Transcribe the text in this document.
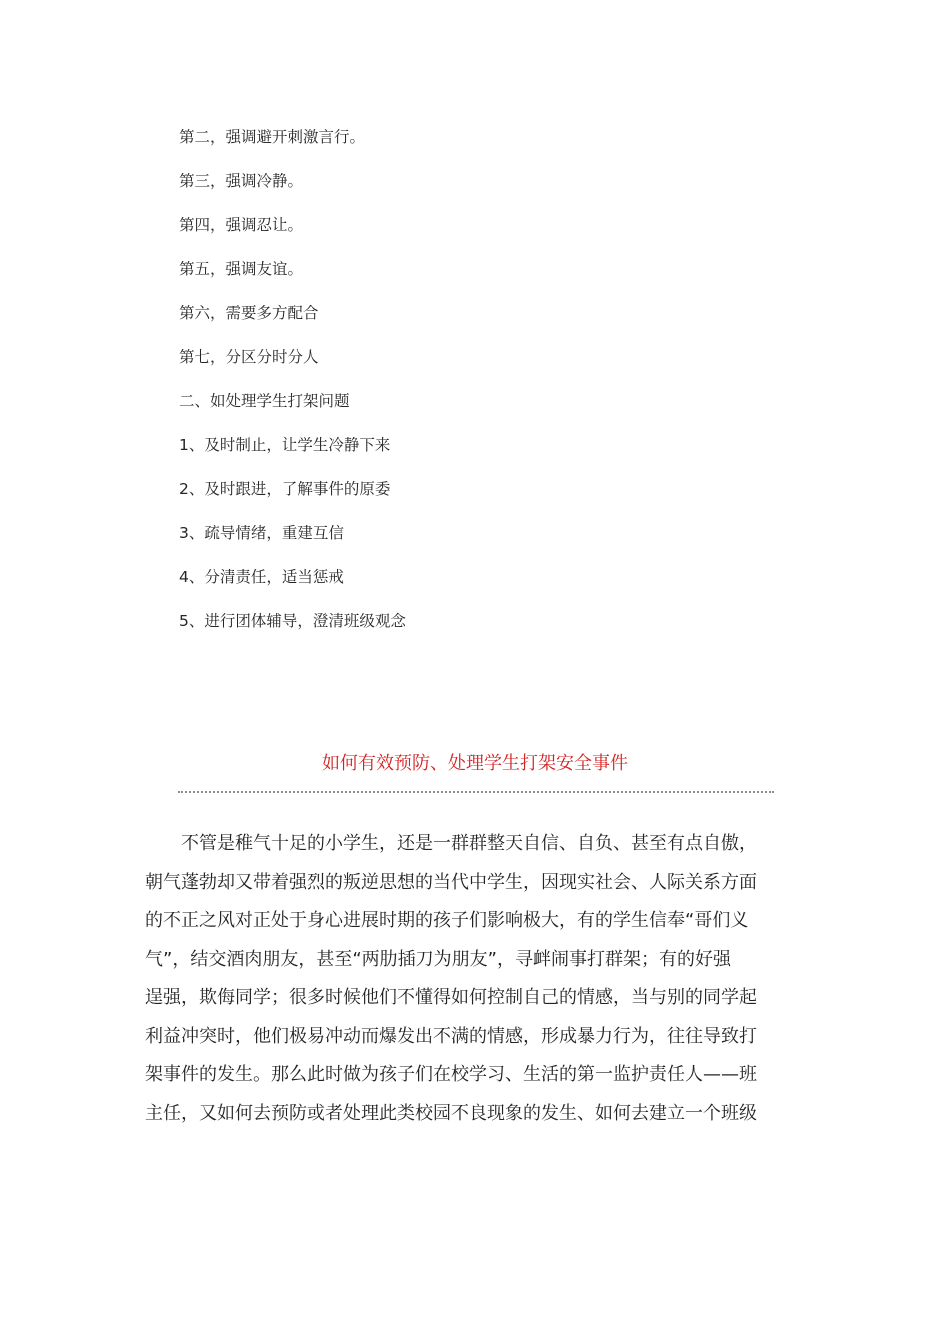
第二，强调避开刺激言行。
第三，强调冷静。
第四，强调忍让。
第五，强调友谊。
第六，需要多方配合
第七，分区分时分人
二、如处理学生打架问题
1、及时制止，让学生冷静下来
2、及时跟进，了解事件的原委
3、疏导情绪，重建互信
4、分清责任，适当惩戒
5、进行团体辅导，澄清班级观念
如何有效预防、处理学生打架安全事件

不管是稚气十足的小学生，还是一群群整天自信、自负、甚至有点自傲，
朝气蓬勃却又带着强烈的叛逆思想的当代中学生，因现实社会、人际关系方面
的不正之风对正处于身心进展时期的孩子们影响极大，有的学生信奉“哥们义
气”，结交酒肉朋友，甚至“两肋插刀为朋友”，寻衅闹事打群架；有的好强
逞强，欺侮同学；很多时候他们不懂得如何控制自己的情感，当与别的同学起
利益冲突时，他们极易冲动而爆发出不满的情感，形成暴力行为，往往导致打
架事件的发生。那么此时做为孩子们在校学习、生活的第一监护责任人——班
主任，又如何去预防或者处理此类校园不良现象的发生、如何去建立一个班级
